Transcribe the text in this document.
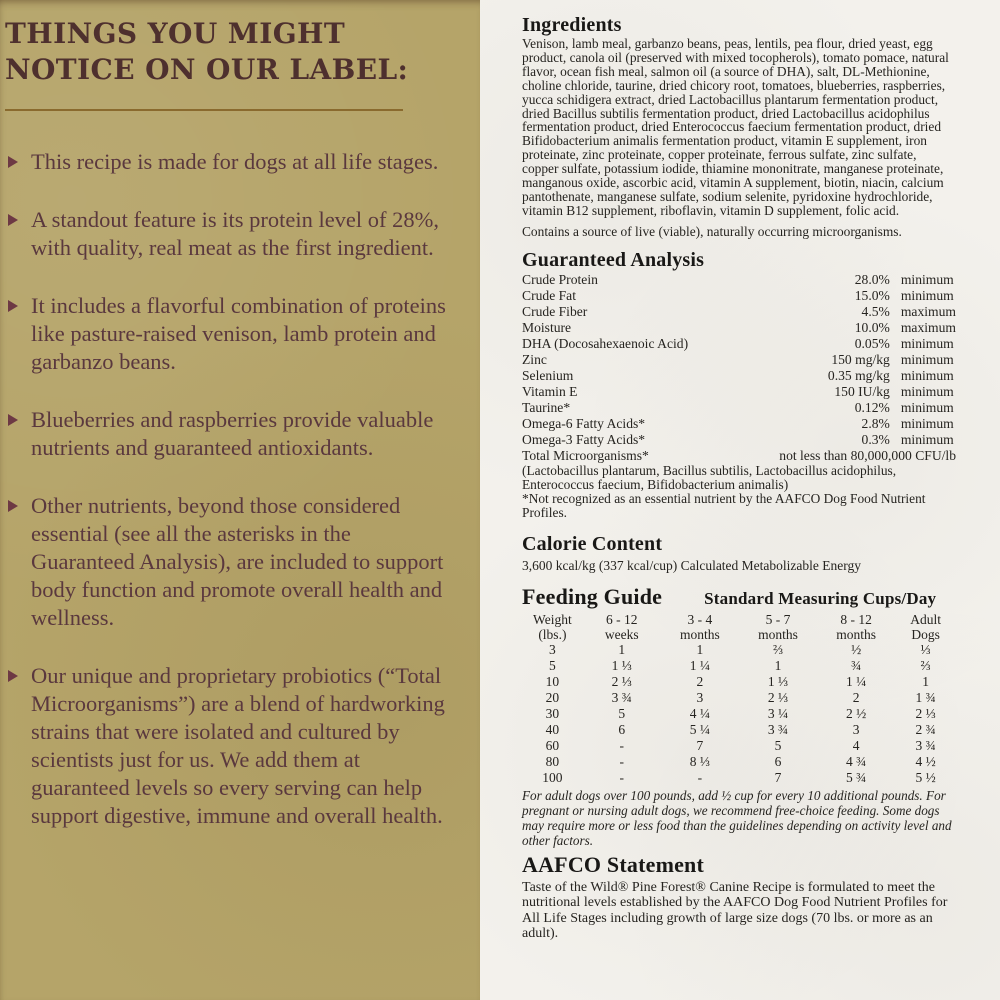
THINGS YOU MIGHT NOTICE ON OUR LABEL:
This recipe is made for dogs at all life stages.
A standout feature is its protein level of 28%, with quality, real meat as the first ingredient.
It includes a flavorful combination of proteins like pasture-raised venison, lamb protein and garbanzo beans.
Blueberries and raspberries provide valuable nutrients and guaranteed antioxidants.
Other nutrients, beyond those considered essential (see all the asterisks in the Guaranteed Analysis), are included to support body function and promote overall health and wellness.
Our unique and proprietary probiotics (“Total Microorganisms”) are a blend of hardworking strains that were isolated and cultured by scientists just for us. We add them at guaranteed levels so every serving can help support digestive, immune and overall health.
Ingredients

Venison, lamb meal, garbanzo beans, peas, lentils, pea flour, dried yeast, egg product, canola oil (preserved with mixed tocopherols), tomato pomace, natural flavor, ocean fish meal, salmon oil (a source of DHA), salt, DL-Methionine, choline chloride, taurine, dried chicory root, tomatoes, blueberries, raspberries, yucca schidigera extract, dried Lactobacillus plantarum fermentation product, dried Bacillus subtilis fermentation product, dried Lactobacillus acidophilus fermentation product, dried Enterococcus faecium fermentation product, dried Bifidobacterium animalis fermentation product, vitamin E supplement, iron proteinate, zinc proteinate, copper proteinate, ferrous sulfate, zinc sulfate, copper sulfate, potassium iodide, thiamine mononitrate, manganese proteinate, manganous oxide, ascorbic acid, vitamin A supplement, biotin, niacin, calcium pantothenate, manganese sulfate, sodium selenite, pyridoxine hydrochloride, vitamin B12 supplement, riboflavin, vitamin D supplement, folic acid.

Contains a source of live (viable), naturally occurring microorganisms.

Guaranteed Analysis
Crude Protein	28.0%	minimum
Crude Fat	15.0%	minimum
Crude Fiber	4.5%	maximum
Moisture	10.0%	maximum
DHA (Docosahexaenoic Acid)	0.05%	minimum
Zinc	150 mg/kg	minimum
Selenium	0.35 mg/kg	minimum
Vitamin E	150 IU/kg	minimum
Taurine*	0.12%	minimum
Omega-6 Fatty Acids*	2.8%	minimum
Omega-3 Fatty Acids*	0.3%	minimum
Total Microorganisms*	not less than 80,000,000 CFU/lb

(Lactobacillus plantarum, Bacillus subtilis, Lactobacillus acidophilus, Enterococcus faecium, Bifidobacterium animalis)

*Not recognized as an essential nutrient by the AAFCO Dog Food Nutrient Profiles.

Calorie Content

3,600 kcal/kg (337 kcal/cup) Calculated Metabolizable Energy

Feeding Guide Standard Measuring Cups/Day
Weight	6 - 12	3 - 4	5 - 7	8 - 12	Adult
(lbs.)	weeks	months	months	months	Dogs
3	1	1	⅔	½	⅓
5	1 ⅓	1 ¼	1	¾	⅔
10	2 ⅓	2	1 ⅓	1 ¼	1
20	3 ¾	3	2 ⅓	2	1 ¾
30	5	4 ¼	3 ¼	2 ½	2 ⅓
40	6	5 ¼	3 ¾	3	2 ¾
60	-	7	5	4	3 ¾
80	-	8 ⅓	6	4 ¾	4 ½
100	-	-	7	5 ¾	5 ½

For adult dogs over 100 pounds, add ½ cup for every 10 additional pounds. For pregnant or nursing adult dogs, we recommend free-choice feeding. Some dogs may require more or less food than the guidelines depending on activity level and other factors.

AAFCO Statement

Taste of the Wild® Pine Forest® Canine Recipe is formulated to meet the nutritional levels established by the AAFCO Dog Food Nutrient Profiles for All Life Stages including growth of large size dogs (70 lbs. or more as an adult).
